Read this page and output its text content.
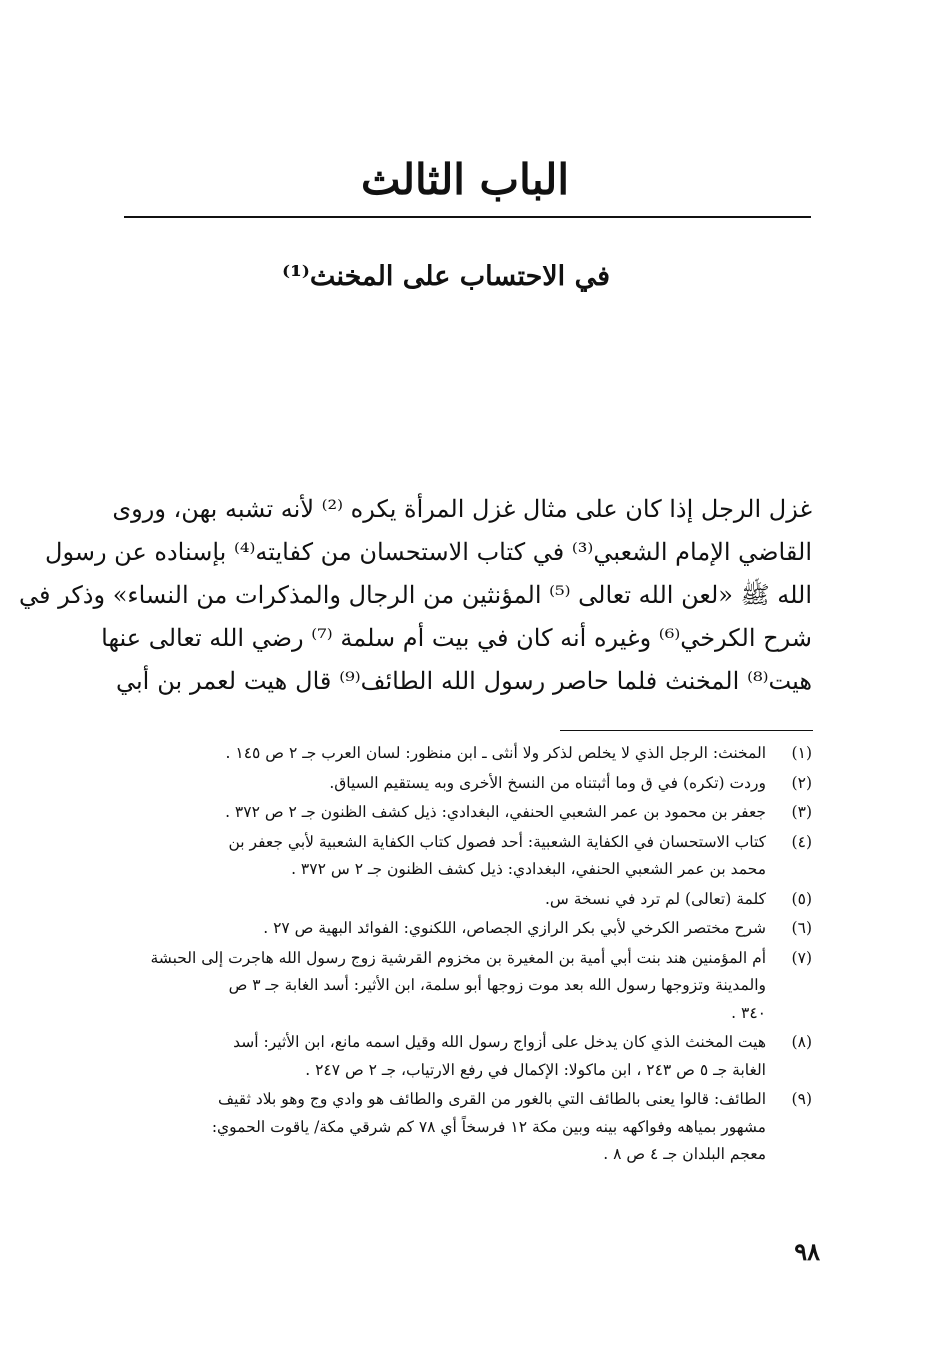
الباب الثالث
في الاحتساب على المخنث⁽¹⁾
غزل الرجل إذا كان على مثال غزل المرأة يكره ⁽²⁾ لأنه تشبه بهن، وروى
القاضي الإمام الشعبي⁽³⁾ في كتاب الاستحسان من كفايته⁽⁴⁾ بإسناده عن رسول
الله ﷺ «لعن الله تعالى ⁽⁵⁾ المؤنثين من الرجال والمذكرات من النساء» وذكر في
شرح الكرخي⁽⁶⁾ وغيره أنه كان في بيت أم سلمة ⁽⁷⁾ رضي الله تعالى عنها
هيت⁽⁸⁾ المخنث فلما حاصر رسول الله الطائف⁽⁹⁾ قال هيت لعمر بن أبي
(١)
المخنث: الرجل الذي لا يخلص لذكر ولا أنثى ـ ابن منظور: لسان العرب جـ ٢ ص ١٤٥ .
(٢)
وردت (تكره) في ق وما أثبتناه من النسخ الأخرى وبه يستقيم السياق.
(٣)
جعفر بن محمود بن عمر الشعبي الحنفي، البغدادي: ذيل كشف الظنون جـ ٢ ص ٣٧٢ .
(٤)
كتاب الاستحسان في الكفاية الشعبية: أحد فصول كتاب الكفاية الشعبية لأبي جعفر بن
محمد بن عمر الشعبي الحنفي، البغدادي: ذيل كشف الظنون جـ ٢ س ٣٧٢ .
(٥)
كلمة (تعالى) لم ترد في نسخة س.
(٦)
شرح مختصر الكرخي لأبي بكر الرازي الجصاص، اللكنوي: الفوائد البهية ص ٢٧ .
(٧)
أم المؤمنين هند بنت أبي أمية بن المغيرة بن مخزوم القرشية زوج رسول الله هاجرت إلى الحبشة
والمدينة وتزوجها رسول الله بعد موت زوجها أبو سلمة، ابن الأثير: أسد الغابة جـ ٣ ص
٣٤٠ .
(٨)
هيت المخنث الذي كان يدخل على أزواج رسول الله وقيل اسمه مانع، ابن الأثير: أسد
الغابة جـ ٥ ص ٢٤٣ ، ابن ماكولا: الإكمال في رفع الارتياب، جـ ٢ ص ٢٤٧ .
(٩)
الطائف: قالوا يعنى بالطائف التي بالغور من القرى والطائف هو وادي وج وهو بلاد ثقيف
مشهور بمياهه وفواكهه بينه وبين مكة ١٢ فرسخاً أي ٧٨ كم شرقي مكة/ ياقوت الحموي:
معجم البلدان جـ ٤ ص ٨ .
٩٨
